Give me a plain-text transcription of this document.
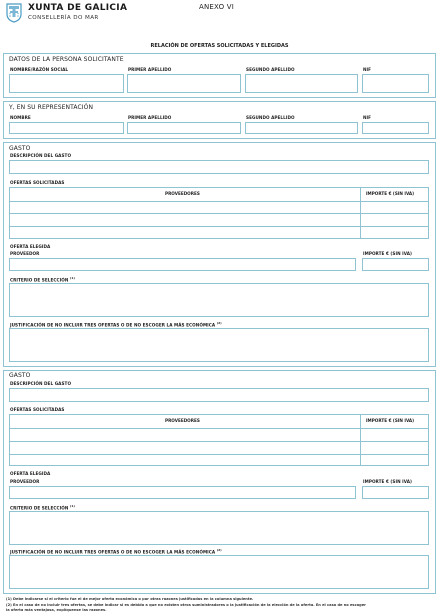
XUNTA DE GALICIA
CONSELLERÍA DO MAR
ANEXO VI
RELACIÓN DE OFERTAS SOLICITADAS Y ELEGIDAS
DATOS DE LA PERSONA SOLICITANTE
NOMBRE/RAZÓN SOCIAL	PRIMER APELLIDO	SEGUNDO APELLIDO	NIF
Y, EN SU REPRESENTACIÓN
NOMBRE	PRIMER APELLIDO	SEGUNDO APELLIDO	NIF
GASTO
DESCRIPCIÓN DEL GASTO
OFERTAS SOLICITADAS
PROVEEDORES	IMPORTE € (SIN IVA)
OFERTA ELEGIDA
PROVEEDOR	IMPORTE € (SIN IVA)
CRITERIO DE SELECCIÓN $^{(1)}$
JUSTIFICACIÓN DE NO INCLUIR TRES OFERTAS O DE NO ESCOGER LA MÁS ECONÓMICA $^{(2)}$
GASTO
DESCRIPCIÓN DEL GASTO
OFERTAS SOLICITADAS
PROVEEDORES	IMPORTE € (SIN IVA)
OFERTA ELEGIDA
PROVEEDOR	IMPORTE € (SIN IVA)
CRITERIO DE SELECCIÓN $^{(1)}$
JUSTIFICACIÓN DE NO INCLUIR TRES OFERTAS O DE NO ESCOGER LA MÁS ECONÓMICA $^{(2)}$
(1) Debe indicarse si el criterio fue el de mejor oferta económica o por otras razones justificadas en la columna siguiente.
(2) En el caso de no incluir tres ofertas, se debe indicar si es debido a que no existen otros suministradores o la justificación de la elección de la oferta. En el caso de no escoger
la oferta más ventajosa, explíquense las razones.
